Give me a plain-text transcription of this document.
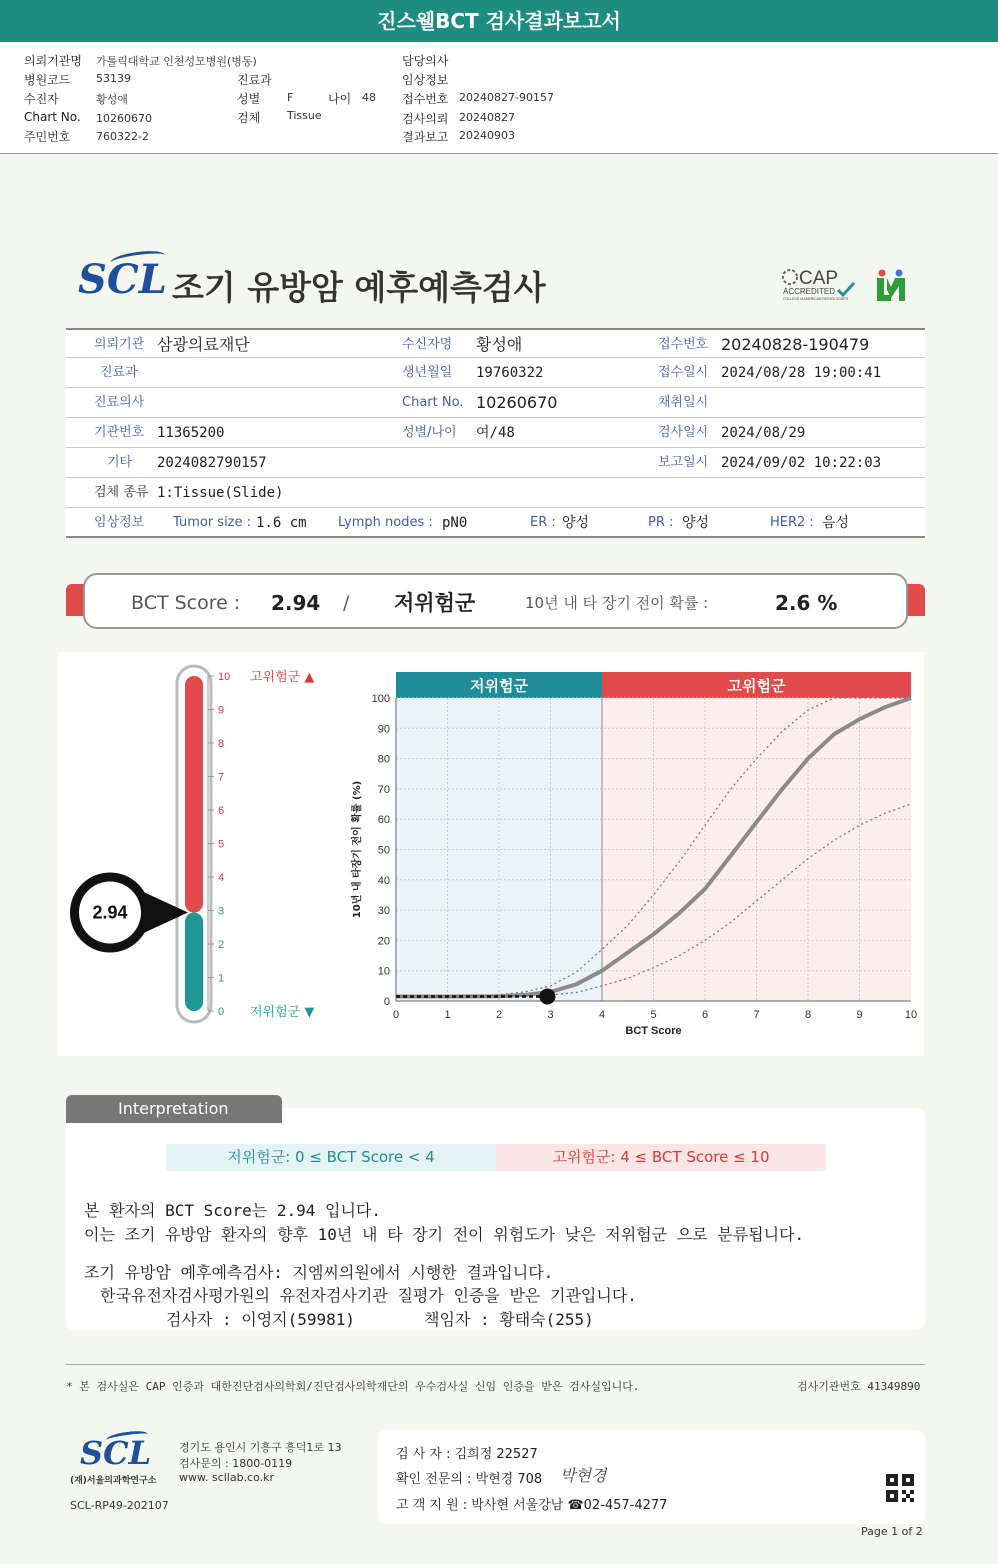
진스웰BCT 검사결과보고서
의뢰기관명 가톨릭대학교 인천성모병원(병동)	담당의사
병원코드 53139	진료과	임상정보
수진자	황성애	성별 F	나이 48 접수번호 20240827-90157
Chart No. 10260670	검체 Tissue	검사의뢰 20240827
주민번호 760322-2	결과보고 20240903
SCL 조기 유방암 예후예측검사	CAP
ACCREDITED
COLLEGE of AMERICAN PATHOLOGISTS
의뢰기관 삼광의료재단	수신자명 황성애	접수번호 20240828-190479
진료과	생년월일 19760322	접수일시 2024/08/28 19:00:41
진료의사	Chart No. 10260670	채취일시
기관번호 11365200	성별/나이 여/48	검사일시 2024/08/29
기타 2024082790157	보고일시 2024/09/02 10:22:03
검체 종류 1:Tissue(Slide)
임상정보 Tumor size : 1.6 cm Lymph nodes : pN0	ER : 양성	PR : 양성	HER2 : 음성
BCT Score : 2.94 / 저위험군	10년 내 타 장기 전이 확률 :	2.6 %
0
1
2
3
4
5
6
7
8
9
10 고위험군 ▲
저위험군 ▼
2.94
저위험군	고위험군
0
10
20
30
40
50
60
70
80
90
100
0	1	2	3	4	5	6	7	8	9	10
BCT Score
10년 내 타장기 전이 확률 (%)
Interpretation
저위험군: 0 ≤ BCT Score < 4	고위험군: 4 ≤ BCT Score ≤ 10
본 환자의 BCT Score는 2.94 입니다.
이는 조기 유방암 환자의 향후 10년 내 타 장기 전이 위험도가 낮은 저위험군 으로 분류됩니다.
조기 유방암 예후예측검사: 지엠씨의원에서 시행한 결과입니다.
한국유전자검사평가원의 유전자검사기관 질평가 인증을 받은 기관입니다.
검사자 : 이영지(59981)	책임자 : 황태숙(255)
* 본 검사실은 CAP 인증과 대한진단검사의학회/진단검사의학재단의 우수검사실 신임 인증을 받은 검사실입니다.	검사기관번호 41349890
SCL
(재)서울의과학연구소
경기도 용인시 기흥구 흥덕1로 13
검사문의 : 1800-0119
www. scllab.co.kr
SCL-RP49-202107
검 사 자 : 김희정 22527
확인 전문의 : 박현경 708 박현경
고 객 지 원 : 박사현 서울강남 ☎02-457-4277
Page 1 of 2
